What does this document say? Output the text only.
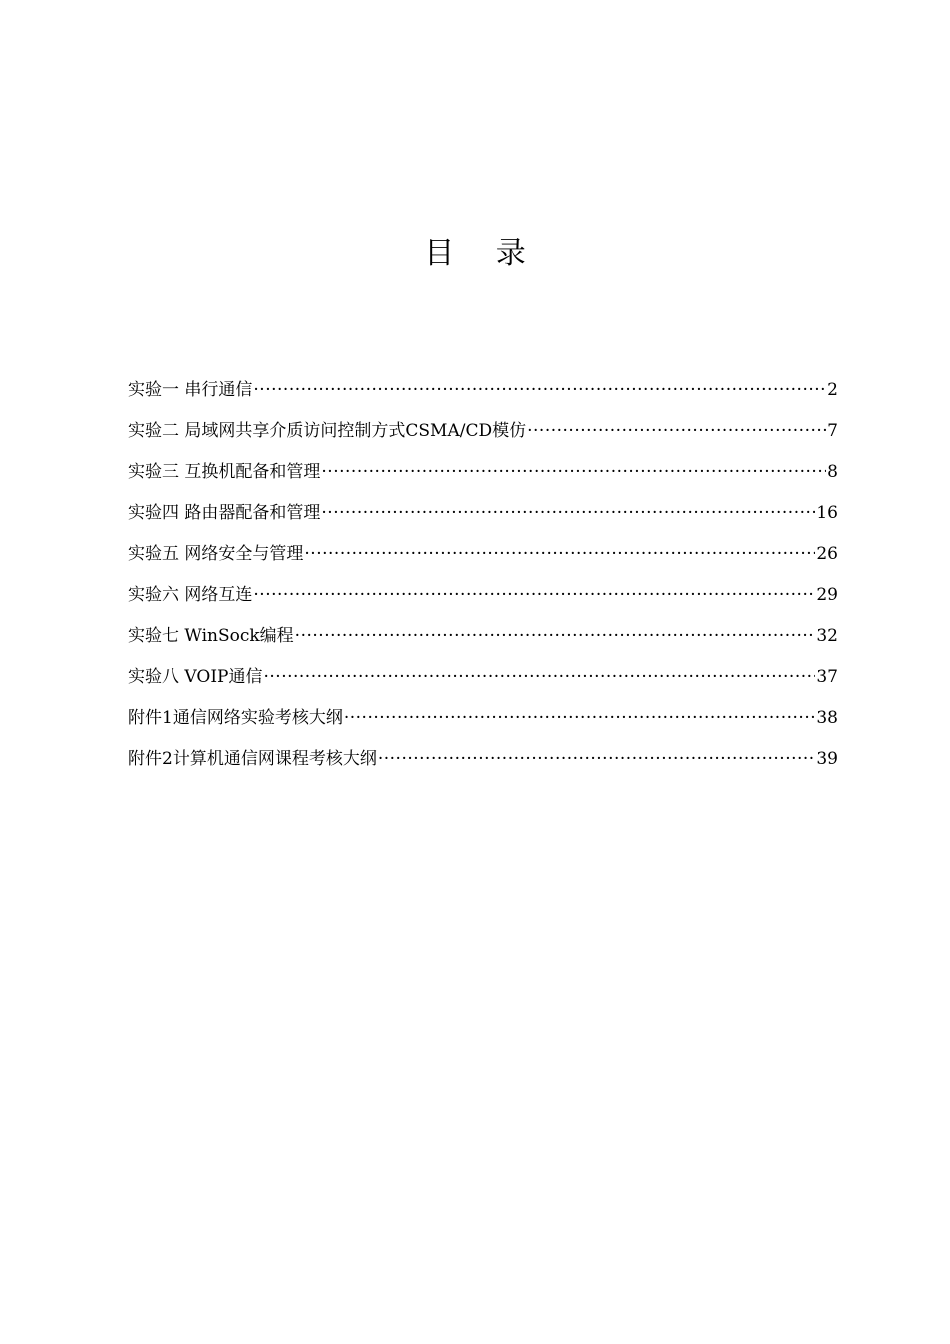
目 录
实验一 串行通信 ·····	2
实验二 局域网共享介质访问控制方式CSMA/CD模仿 ·····	7
实验三 互换机配备和管理 ·····	8
实验四 路由器配备和管理 ·····	16
实验五 网络安全与管理 ·····	26
实验六 网络互连 ·····	29
实验七 WinSock编程 ·····	32
实验八 VOIP通信 ·····	37
附件1通信网络实验考核大纲 ·····	38
附件2计算机通信网课程考核大纲 ·····	39
